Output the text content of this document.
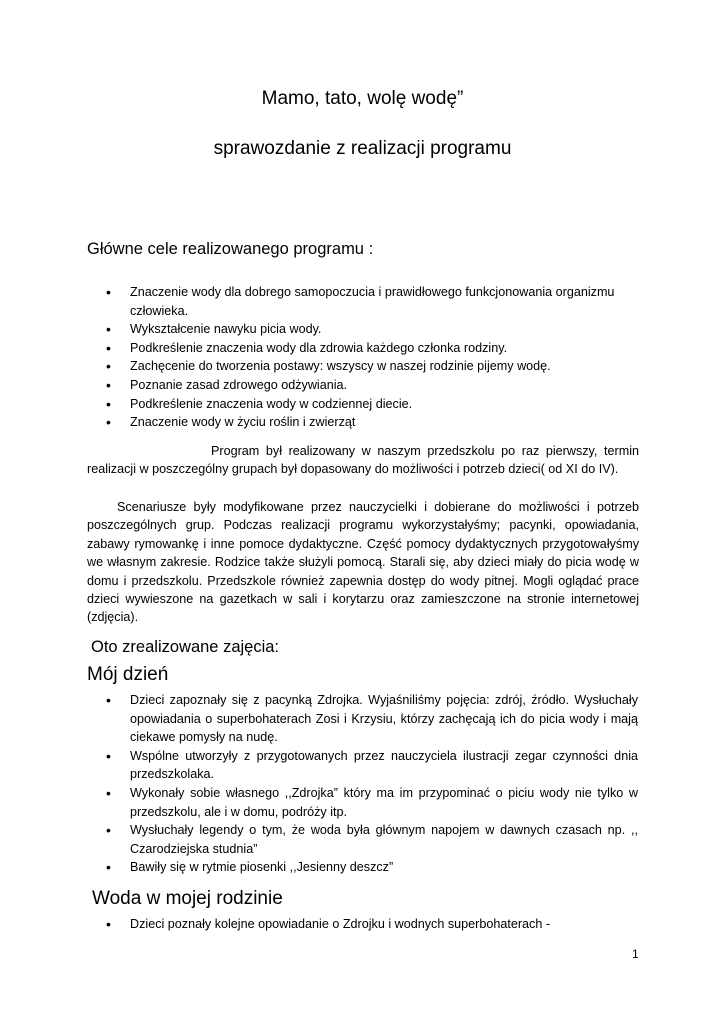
Mamo, tato, wolę wodę”
sprawozdanie z realizacji programu
Główne cele realizowanego programu :
• Znaczenie wody dla dobrego samopoczucia i prawidłowego funkcjonowania organizmu człowieka.
• Wykształcenie nawyku picia wody.
• Podkreślenie znaczenia wody dla zdrowia każdego członka rodziny.
• Zachęcenie do tworzenia postawy: wszyscy w naszej rodzinie pijemy wodę.
• Poznanie zasad zdrowego odżywiania.
• Podkreślenie znaczenia wody w codziennej diecie.
• Znaczenie wody w życiu roślin i zwierząt

Program był realizowany w naszym przedszkolu po raz pierwszy, termin realizacji w poszczególny grupach był dopasowany do możliwości i potrzeb dzieci( od XI do IV).

Scenariusze były modyfikowane przez nauczycielki i dobierane do możliwości i potrzeb poszczególnych grup. Podczas realizacji programu wykorzystałyśmy; pacynki, opowiadania, zabawy rymowankę i inne pomoce dydaktyczne. Część pomocy dydaktycznych przygotowałyśmy we własnym zakresie. Rodzice także służyli pomocą. Starali się, aby dzieci miały do picia wodę w domu i przedszkolu. Przedszkole również zapewnia dostęp do wody pitnej. Mogli oglądać prace dzieci wywieszone na gazetkach w sali i korytarzu oraz zamieszczone na stronie internetowej (zdjęcia).

Oto zrealizowane zajęcia:
Mój dzień
• Dzieci zapoznały się z pacynką Zdrojka. Wyjaśniliśmy pojęcia: zdrój, źródło. Wysłuchały opowiadania o superbohaterach Zosi i Krzysiu, którzy zachęcają ich do picia wody i mają ciekawe pomysły na nudę.
• Wspólne utworzyły z przygotowanych przez nauczyciela ilustracji zegar czynności dnia przedszkolaka.
• Wykonały sobie własnego ,,Zdrojka” który ma im przypominać o piciu wody nie tylko w przedszkolu, ale i w domu, podróży itp.
• Wysłuchały legendy o tym, że woda była głównym napojem w dawnych czasach np. ,, Czarodziejska studnia”
• Bawiły się w rytmie piosenki ,,Jesienny deszcz”
Woda w mojej rodzinie
• Dzieci poznały kolejne opowiadanie o Zdrojku i wodnych superbohaterach -
1
